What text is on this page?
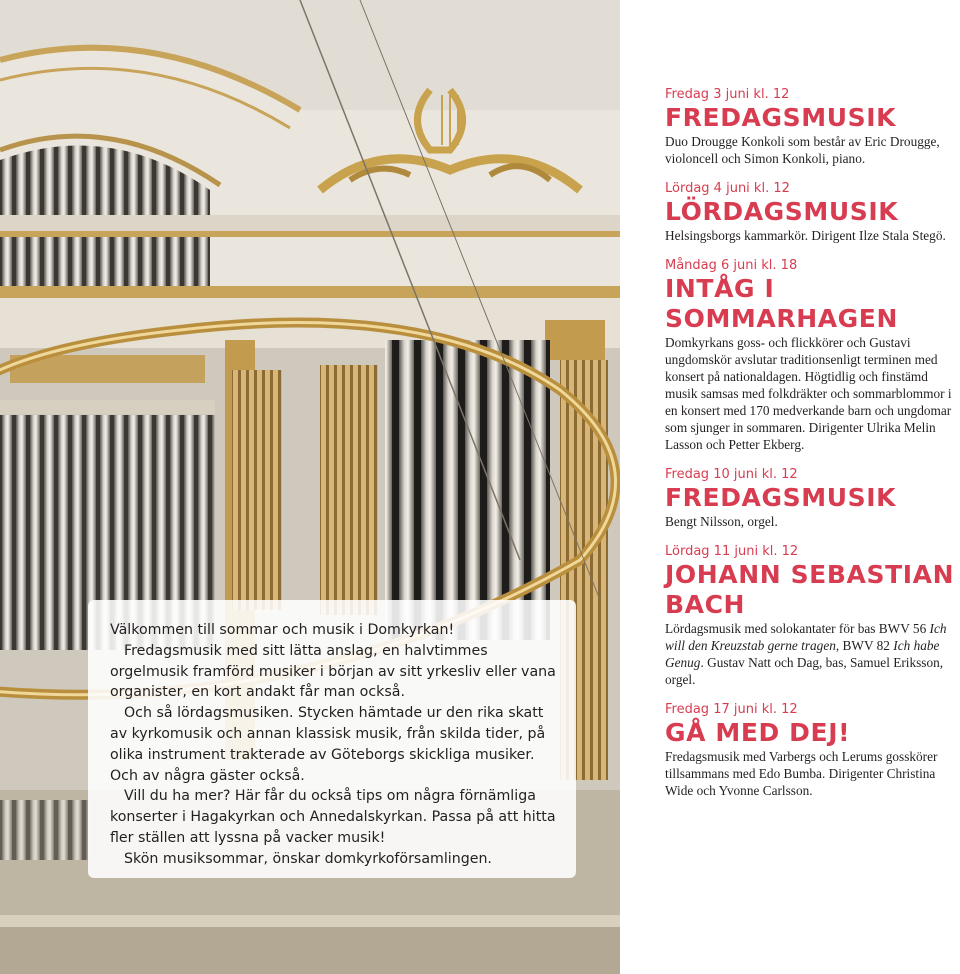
Välkommen till sommar och musik i Domkyrkan!

Fredagsmusik med sitt lätta anslag, en halvtimmes orgelmusik framförd musiker i början av sitt yrkesliv eller vana organister, en kort andakt får man också.

Och så lördagsmusiken. Stycken hämtade ur den rika skatt av kyrkomusik och annan klassisk musik, från skilda tider, på olika instrument trakterade av Göteborgs skickliga musiker. Och av några gäster också.

Vill du ha mer? Här får du också tips om några förnämliga konserter i Hagakyrkan och Annedalskyrkan. Passa på att hitta fler ställen att lyssna på vacker musik!

Skön musiksommar, önskar domkyrkoförsamlingen.

Fredag 3 juni kl. 12
FREDAGSMUSIK
Duo Drougge Konkoli som består av Eric Drougge, violoncell och Simon Konkoli, piano.
Lördag 4 juni kl. 12
LÖRDAGSMUSIK
Helsingsborgs kammarkör. Dirigent Ilze Stala Stegö.
Måndag 6 juni kl. 18
INTÅG I SOMMARHAGEN
Domkyrkans goss- och flickkörer och Gustavi ungdomskör avslutar traditionsenligt terminen med konsert på nationaldagen. Högtidlig och finstämd musik samsas med folkdräkter och sommarblommor i en konsert med 170 medverkande barn och ungdomar som sjunger in sommaren. Dirigenter Ulrika Melin Lasson och Petter Ekberg.
Fredag 10 juni kl. 12
FREDAGSMUSIK
Bengt Nilsson, orgel.
Lördag 11 juni kl. 12
JOHANN SEBASTIAN BACH
Lördagsmusik med solokantater för bas BWV 56 Ich will den Kreuzstab gerne tragen, BWV 82 Ich habe Genug. Gustav Natt och Dag, bas, Samuel Eriksson, orgel.
Fredag 17 juni kl. 12
GÅ MED DEJ!
Fredagsmusik med Varbergs och Lerums gosskörer tillsammans med Edo Bumba. Dirigenter Christina Wide och Yvonne Carlsson.
